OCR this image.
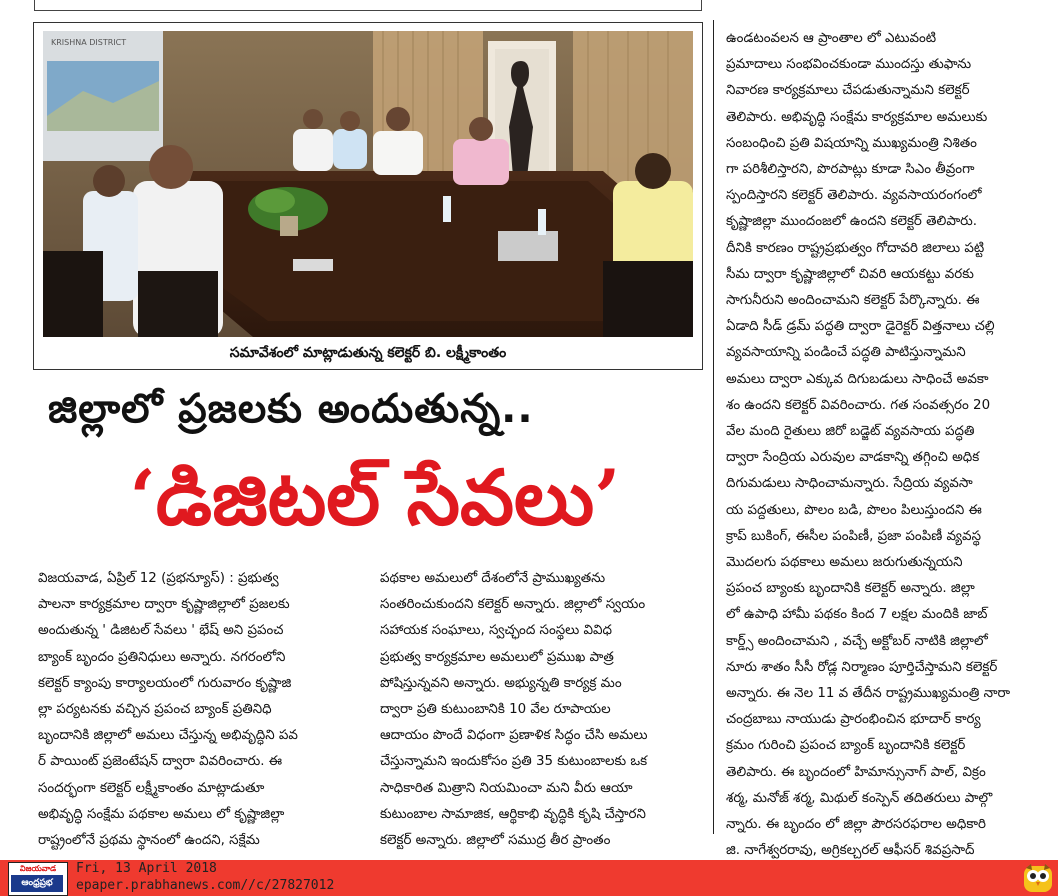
KRISHNA DISTRICT
సమావేశంలో మాట్లాడుతున్న కలెక్టర్ బి. లక్ష్మీకాంతం
జిల్లాలో ప్రజలకు అందుతున్న..
‘డిజిటల్ సేవలు’

విజయవాడ, ఏప్రిల్ 12 (ప్రభన్యూస్) : ప్రభుత్వ

పాలనా కార్యక్రమాల ద్వారా కృష్ణాజిల్లాలో ప్రజలకు

అందుతున్న ' డిజిటల్ సేవలు ' భేష్ అని ప్రపంచ

బ్యాంక్ బృందం ప్రతినిధులు అన్నారు. నగరంలోని

కలెక్టర్ క్యాంపు కార్యాలయంలో గురువారం కృష్ణాజి

ల్లా పర్యటనకు వచ్చిన ప్రపంచ బ్యాంక్ ప్రతినిధి

బృందానికి జిల్లాలో అమలు చేస్తున్న అభివృద్ధిని పవ

ర్ పాయింట్ ప్రజెంటేషన్ ద్వారా వివరించారు. ఈ

సందర్భంగా కలెక్టర్ లక్ష్మీకాంతం మాట్లాడుతూ

అభివృద్ధి సంక్షేమ పథకాల అమలు లో కృష్ణాజిల్లా

రాష్ట్రంలోనే ప్రథమ స్థానంలో ఉందని, సక్షేమ

పథకాల అమలులో దేశంలోనే ప్రాముఖ్యతను

సంతరించుకుందని కలెక్టర్ అన్నారు. జిల్లాలో స్వయం

సహాయక సంఘాలు, స్వచ్ఛంద సంస్థలు వివిధ

ప్రభుత్వ కార్యక్రమాల అమలులో ప్రముఖ పాత్ర

పోషిస్తున్నవని అన్నారు. అభ్యున్నతి కార్యక్ర మం

ద్వారా ప్రతి కుటుంబానికి 10 వేల రూపాయల

ఆదాయం పొందే విధంగా ప్రణాళిక సిద్ధం చేసి అమలు

చేస్తున్నామని ఇందుకోసం ప్రతి 35 కుటుంబాలకు ఒక

సాధికారిత మిత్రాని నియమించా మని వీరు ఆయా

కుటుంబాల సామాజిక, ఆర్థికాభి వృద్ధికి కృషి చేస్తారని

కలెక్టర్ అన్నారు. జిల్లాలో సముద్ర తీర ప్రాంతం

ఉండటంవలన ఆ ప్రాంతాల లో ఎటువంటి

ప్రమాదాలు సంభవించకుండా ముందస్తు తుఫాను

నివారణ కార్యక్రమాలు చేపడుతున్నామని కలెక్టర్

తెలిపారు. అభివృద్ధి సంక్షేమ కార్యక్రమాల అమలుకు

సంబంధించి ప్రతి విషయాన్ని ముఖ్యమంత్రి నిశితం

గా పరిశీలిస్తారని, పొరపాట్లు కూడా సిఎం తీవ్రంగా

స్పందిస్తారని కలెక్టర్ తెలిపారు. వ్యవసాయరంగంలో

కృష్ణాజిల్లా ముందంజలో ఉందని కలెక్టర్ తెలిపారు.

దీనికి కారణం రాష్ట్రప్రభుత్వం గోదావరి జిలాలు పట్టి

సీమ ద్వారా కృష్ణాజిల్లాలో చివరి ఆయకట్టు వరకు

సాగునీరుని అందించామని కలెక్టర్ పేర్కొన్నారు. ఈ

ఏడాది సీడ్ డ్రమ్ పద్ధతి ద్వారా డైరెక్టర్ విత్తనాలు చల్లి

వ్యవసాయాన్ని పండించే పద్ధతి పాటిస్తున్నామని

అమలు ద్వారా ఎక్కువ దిగుబడులు సాధించే అవకా

శం ఉందని కలెక్టర్ వివరించారు. గత సంవత్సరం 20

వేల మంది రైతులు జిరో బడ్జెట్ వ్యవసాయ పద్ధతి

ద్వారా సేంద్రియ ఎరువుల వాడకాన్ని తగ్గించి అధిక

దిగుమడులు సాధించామన్నారు. సేద్రియ వ్యవసా

య పద్దతులు, పొలం బడి, పొలం పిలుస్తుందని ఈ

క్రాప్ బుకింగ్, ఈసీల పంపిణీ, ప్రజా పంపిణీ వ్యవస్థ

మొదలగు పథకాలు అమలు జరుగుతున్నయని

ప్రపంచ బ్యాంకు బృందానికి కలెక్టర్ అన్నారు. జిల్లా

లో ఉపాధి హామీ పథకం కింద 7 లక్షల మందికి జాబ్

కార్డ్స్ అందించామని , వచ్చే అక్టోబర్ నాటికి జిల్లాలో

నూరు శాతం సీసీ రోడ్ల నిర్మాణం పూర్తిచేస్తామని కలెక్టర్

అన్నారు. ఈ నెల 11 వ తేదీన రాష్ట్రముఖ్యమంత్రి నారా

చంద్రబాబు నాయుడు ప్రారంభించిన భూదార్ కార్య

క్రమం గురించి ప్రపంచ బ్యాంక్ బృందానికి కలెక్టర్

తెలిపారు. ఈ బృందంలో హిమాన్సునాగ్ పాల్, విక్రం

శర్మ, మనోజ్ శర్మ, మిథుల్ కంస్పెన్ తదితరులు పాల్గొ

న్నారు. ఈ బృందం లో జిల్లా పౌరసరఫరాల అధికారి

జి. నాగేశ్వరరావు, అగ్రికల్చరల్ ఆఫీసర్ శివప్రసాద్

విజయవాడ
ఆంధ్రప్రభ
Fri, 13 April 2018
epaper.prabhanews.com//c/27827012
